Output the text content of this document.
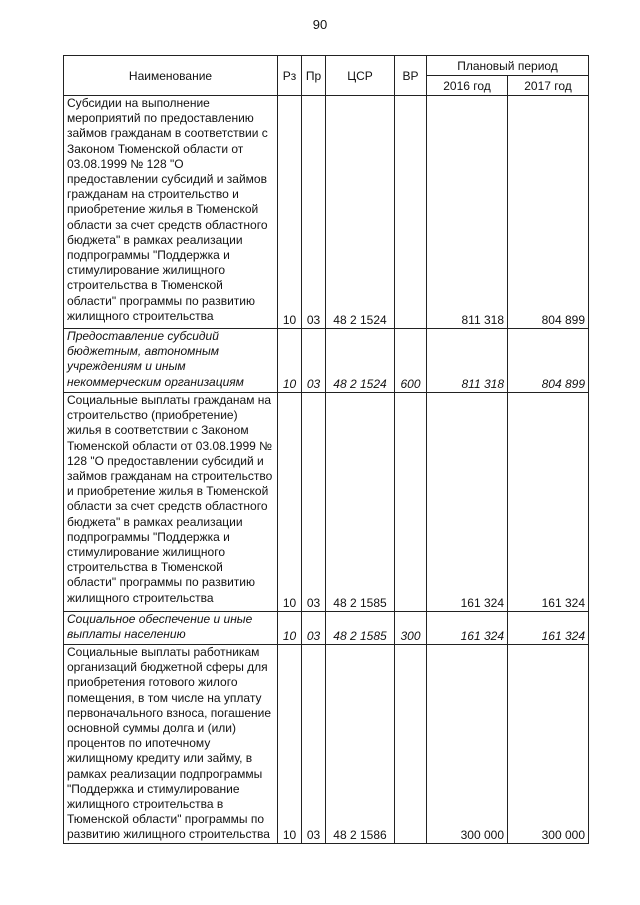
90
Наименование	Рз	Пр	ЦСР	ВР	Плановый период	
					2016 год	2017 год
Субсидии на выполнение мероприятий по предоставлению займов гражданам в соответствии с Законом Тюменской области от 03.08.1999 № 128 "О предоставлении субсидий и займов гражданам на строительство и приобретение жилья в Тюменской области за счет средств областного бюджета" в рамках реализации подпрограммы "Поддержка и стимулирование жилищного строительства в Тюменской области" программы по развитию жилищного строительства	10	03	48 2 1524		811 318	804 899
Предоставление субсидий бюджетным, автономным учреждениям и иным некоммерческим организациям	10	03	48 2 1524	600	811 318	804 899
Социальные выплаты гражданам на строительство (приобретение) жилья в соответствии с Законом Тюменской области от 03.08.1999 № 128 "О предоставлении субсидий и займов гражданам на строительство и приобретение жилья в Тюменской области за счет средств областного бюджета" в рамках реализации подпрограммы "Поддержка и стимулирование жилищного строительства в Тюменской области" программы по развитию жилищного строительства	10	03	48 2 1585		161 324	161 324
Социальное обеспечение и иные выплаты населению	10	03	48 2 1585	300	161 324	161 324
Социальные выплаты работникам организаций бюджетной сферы для приобретения готового жилого помещения, в том числе на уплату первоначального взноса, погашение основной суммы долга и (или) процентов по ипотечному жилищному кредиту или займу, в рамках реализации подпрограммы "Поддержка и стимулирование жилищного строительства в Тюменской области" программы по развитию жилищного строительства	10	03	48 2 1586		300 000	300 000
